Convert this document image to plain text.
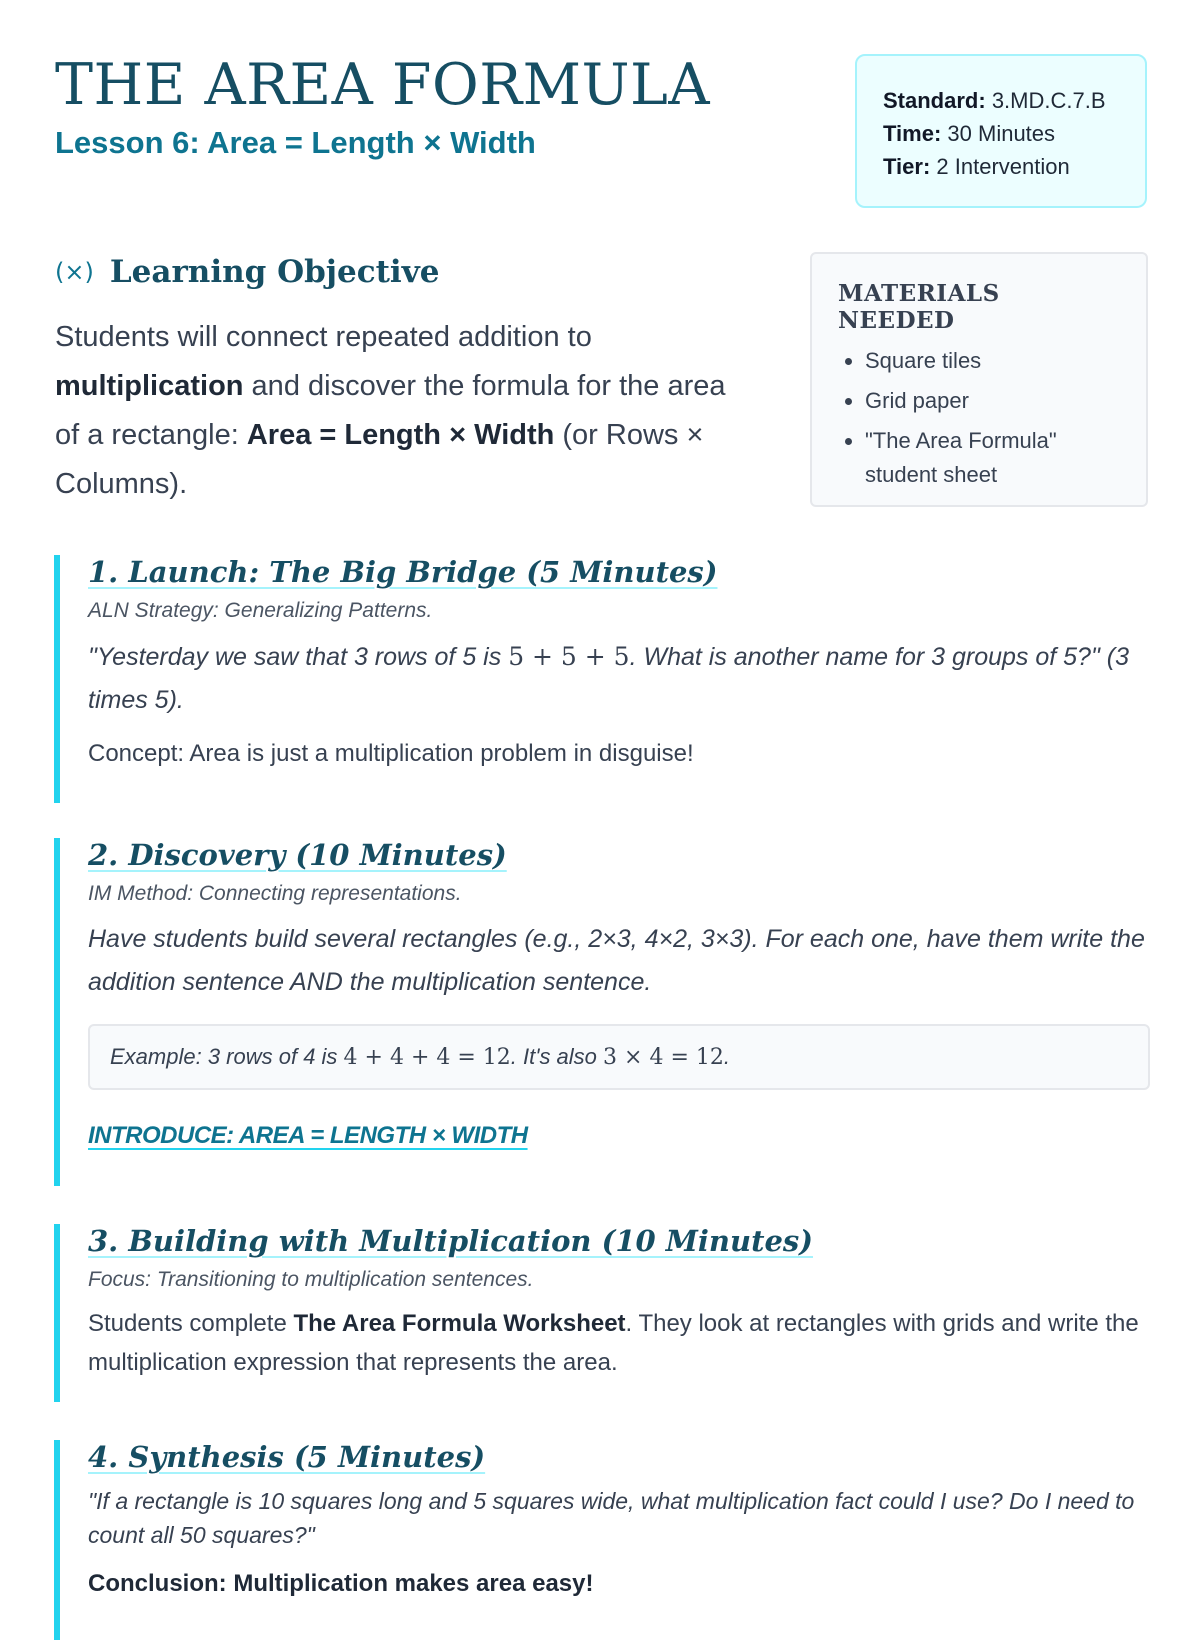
THE AREA FORMULA
Lesson 6: Area = Length × Width
Standard: 3.MD.C.7.B
Time: 30 Minutes
Tier: 2 Intervention
(×) Learning Objective

Students will connect repeated addition to multiplication and discover the formula for the area of a rectangle: Area = Length × Width (or Rows × Columns).

MATERIALS NEEDED
• Square tiles
• Grid paper
• "The Area Formula" student sheet
1. Launch: The Big Bridge (5 Minutes)

ALN Strategy: Generalizing Patterns.

"Yesterday we saw that 3 rows of 5 is 5 + 5 + 5. What is another name for 3 groups of 5?" (3 times 5).

Concept: Area is just a multiplication problem in disguise!

2. Discovery (10 Minutes)

IM Method: Connecting representations.

Have students build several rectangles (e.g., 2×3, 4×2, 3×3). For each one, have them write the addition sentence AND the multiplication sentence.

Example: 3 rows of 4 is 4 + 4 + 4 = 12. It's also 3 × 4 = 12.

INTRODUCE: AREA = LENGTH × WIDTH

3. Building with Multiplication (10 Minutes)

Focus: Transitioning to multiplication sentences.

Students complete The Area Formula Worksheet. They look at rectangles with grids and write the multiplication expression that represents the area.

4. Synthesis (5 Minutes)

"If a rectangle is 10 squares long and 5 squares wide, what multiplication fact could I use? Do I need to count all 50 squares?"

Conclusion: Multiplication makes area easy!
